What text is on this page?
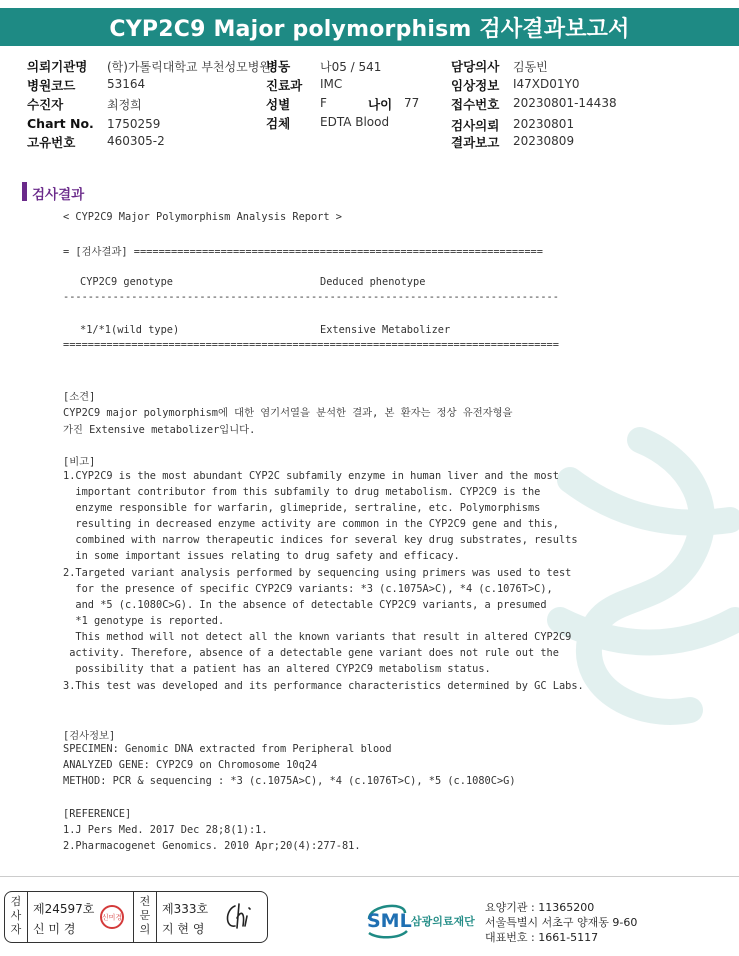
CYP2C9 Major polymorphism 검사결과보고서
의뢰기관명 (학)가톨릭대학교 부천성모병원
병원코드	53164
수진자	최정희
Chart No. 1750259
고유번호	460305-2
병동 나05 / 541
진료과 IMC
성별 F	나이 77
검체 EDTA Blood
담당의사 김동빈
임상정보 I47XD01Y0
접수번호 20230801-14438
검사의뢰 20230801
결과보고 20230809
검사결과
< CYP2C9 Major Polymorphism Analysis Report >
= [검사결과] ==================================================================
CYP2C9 genotype	Deduced phenotype
--------------------------------------------------------------------------------
*1/*1(wild type)	Extensive Metabolizer
================================================================================
[소견]
CYP2C9 major polymorphism에 대한 염기서열을 분석한 결과, 본 환자는 정상 유전자형을
가진 Extensive metabolizer입니다.
[비고]
1.CYP2C9 is the most abundant CYP2C subfamily enzyme in human liver and the most
important contributor from this subfamily to drug metabolism. CYP2C9 is the
enzyme responsible for warfarin, glimepride, sertraline, etc. Polymorphisms
resulting in decreased enzyme activity are common in the CYP2C9 gene and this,
combined with narrow therapeutic indices for several key drug substrates, results
in some important issues relating to drug safety and efficacy.
2.Targeted variant analysis performed by sequencing using primers was used to test
for the presence of specific CYP2C9 variants: *3 (c.1075A>C), *4 (c.1076T>C),
and *5 (c.1080C>G). In the absence of detectable CYP2C9 variants, a presumed
*1 genotype is reported.
This method will not detect all the known variants that result in altered CYP2C9
activity. Therefore, absence of a detectable gene variant does not rule out the
possibility that a patient has an altered CYP2C9 metabolism status.
3.This test was developed and its performance characteristics determined by GC Labs.
[검사정보]
SPECIMEN: Genomic DNA extracted from Peripheral blood
ANALYZED GENE: CYP2C9 on Chromosome 10q24
METHOD: PCR & sequencing : *3 (c.1075A>C), *4 (c.1076T>C), *5 (c.1080C>G)
[REFERENCE]
1.J Pers Med. 2017 Dec 28;8(1):1.
2.Pharmacogenet Genomics. 2010 Apr;20(4):277-81.
검사자
제24597호
신 미 경
신미경
전문의
제333호
지 현 영	SML 삼광의료재단
요양기관 : 11365200
서울특별시 서초구 양재동 9-60
대표번호 : 1661-5117
